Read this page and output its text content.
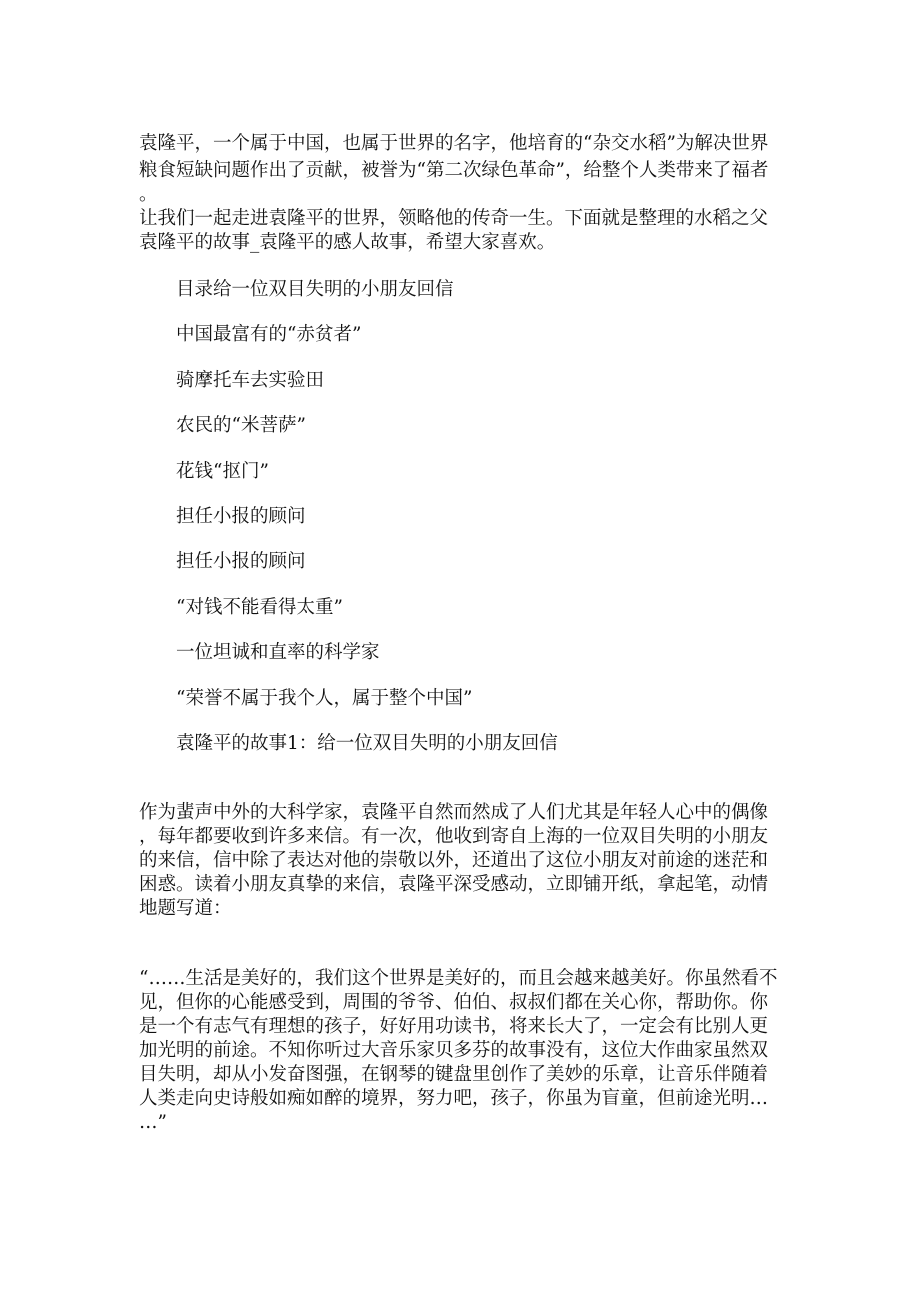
袁隆平，一个属于中国，也属于世界的名字，他培育的“杂交水稻”为解决世界
粮食短缺问题作出了贡献，被誉为“第二次绿色革命”，给整个人类带来了福者
。
让我们一起走进袁隆平的世界，领略他的传奇一生。下面就是整理的水稻之父
袁隆平的故事_袁隆平的感人故事，希望大家喜欢。
目录给一位双目失明的小朋友回信
中国最富有的“赤贫者”
骑摩托车去实验田
农民的“米菩萨”
花钱“抠门”
担任小报的顾问
担任小报的顾问
“对钱不能看得太重”
一位坦诚和直率的科学家
“荣誉不属于我个人，属于整个中国”
袁隆平的故事1：给一位双目失明的小朋友回信
作为蜚声中外的大科学家，袁隆平自然而然成了人们尤其是年轻人心中的偶像
，每年都要收到许多来信。有一次，他收到寄自上海的一位双目失明的小朋友
的来信，信中除了表达对他的崇敬以外，还道出了这位小朋友对前途的迷茫和
困惑。读着小朋友真挚的来信，袁隆平深受感动，立即铺开纸，拿起笔，动情
地题写道：
“……生活是美好的，我们这个世界是美好的，而且会越来越美好。你虽然看不
见，但你的心能感受到，周围的爷爷、伯伯、叔叔们都在关心你，帮助你。你
是一个有志气有理想的孩子，好好用功读书，将来长大了，一定会有比别人更
加光明的前途。不知你听过大音乐家贝多芬的故事没有，这位大作曲家虽然双
目失明，却从小发奋图强，在钢琴的键盘里创作了美妙的乐章，让音乐伴随着
人类走向史诗般如痴如醉的境界，努力吧，孩子，你虽为盲童，但前途光明…
…”
